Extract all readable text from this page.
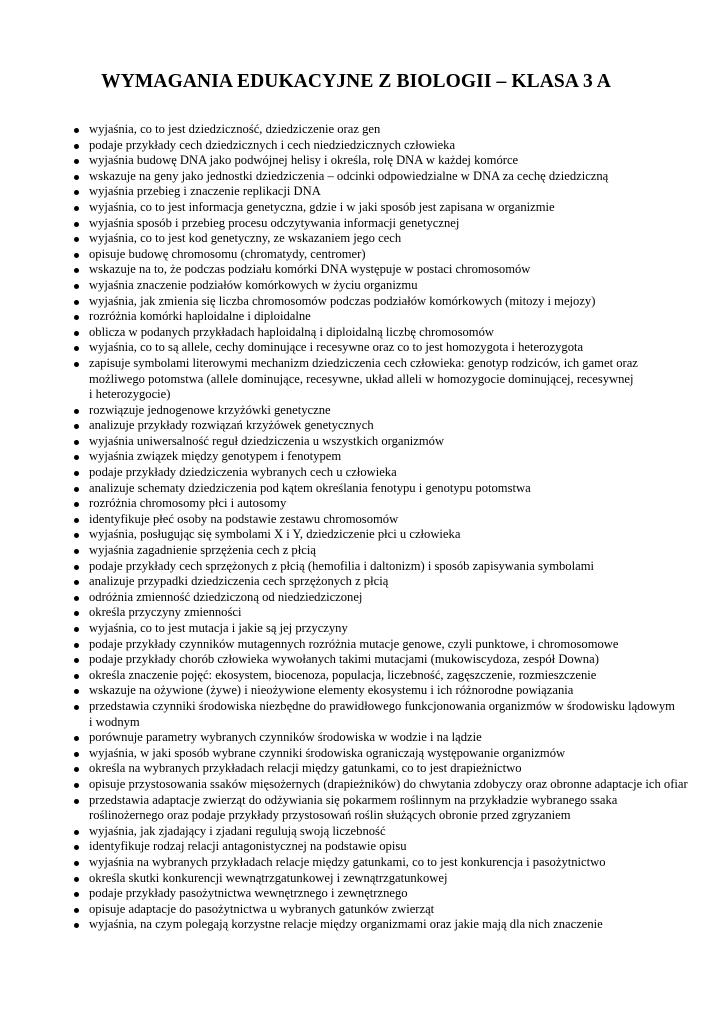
WYMAGANIA EDUKACYJNE Z BIOLOGII – KLASA 3 A
wyjaśnia, co to jest dziedziczność, dziedziczenie oraz gen
podaje przykłady cech dziedzicznych i cech niedziedzicznych człowieka
wyjaśnia budowę DNA jako podwójnej helisy i określa, rolę DNA w każdej komórce
wskazuje na geny jako jednostki dziedziczenia – odcinki odpowiedzialne w DNA za cechę dziedziczną
wyjaśnia przebieg i znaczenie replikacji DNA
wyjaśnia, co to jest informacja genetyczna, gdzie i w jaki sposób jest zapisana w organizmie
wyjaśnia sposób i przebieg procesu odczytywania informacji genetycznej
wyjaśnia, co to jest kod genetyczny, ze wskazaniem jego cech
opisuje budowę chromosomu (chromatydy, centromer)
wskazuje na to, że podczas podziału komórki DNA występuje w postaci chromosomów
wyjaśnia znaczenie podziałów komórkowych w życiu organizmu
wyjaśnia, jak zmienia się liczba chromosomów podczas podziałów komórkowych (mitozy i mejozy)
rozróżnia komórki haploidalne i diploidalne
oblicza w podanych przykładach haploidalną i diploidalną liczbę chromosomów
wyjaśnia, co to są allele, cechy dominujące i recesywne oraz co to jest homozygota i heterozygota
zapisuje symbolami literowymi mechanizm dziedziczenia cech człowieka: genotyp rodziców, ich gamet oraz
możliwego potomstwa (allele dominujące, recesywne, układ alleli w homozygocie dominującej, recesywnej
i heterozygocie)
rozwiązuje jednogenowe krzyżówki genetyczne
analizuje przykłady rozwiązań krzyżówek genetycznych
wyjaśnia uniwersalność reguł dziedziczenia u wszystkich organizmów
wyjaśnia związek między genotypem i fenotypem
podaje przykłady dziedziczenia wybranych cech u człowieka
analizuje schematy dziedziczenia pod kątem określania fenotypu i genotypu potomstwa
rozróżnia chromosomy płci i autosomy
identyfikuje płeć osoby na podstawie zestawu chromosomów
wyjaśnia, posługując się symbolami X i Y, dziedziczenie płci u człowieka
wyjaśnia zagadnienie sprzężenia cech z płcią
podaje przykłady cech sprzężonych z płcią (hemofilia i daltonizm) i sposób zapisywania symbolami
analizuje przypadki dziedziczenia cech sprzężonych z płcią
odróżnia zmienność dziedziczoną od niedziedziczonej
określa przyczyny zmienności
wyjaśnia, co to jest mutacja i jakie są jej przyczyny
podaje przykłady czynników mutagennych rozróżnia mutacje genowe, czyli punktowe, i chromosomowe
podaje przykłady chorób człowieka wywołanych takimi mutacjami (mukowiscydoza, zespół Downa)
określa znaczenie pojęć: ekosystem, biocenoza, populacja, liczebność, zagęszczenie, rozmieszczenie
wskazuje na ożywione (żywe) i nieożywione elementy ekosystemu i ich różnorodne powiązania
przedstawia czynniki środowiska niezbędne do prawidłowego funkcjonowania organizmów w środowisku lądowym
i wodnym
porównuje parametry wybranych czynników środowiska w wodzie i na lądzie
wyjaśnia, w jaki sposób wybrane czynniki środowiska ograniczają występowanie organizmów
określa na wybranych przykładach relacji między gatunkami, co to jest drapieżnictwo
opisuje przystosowania ssaków mięsożernych (drapieżników) do chwytania zdobyczy oraz obronne adaptacje ich ofiar
przedstawia adaptacje zwierząt do odżywiania się pokarmem roślinnym na przykładzie wybranego ssaka
roślinożernego oraz podaje przykłady przystosowań roślin służących obronie przed zgryzaniem
wyjaśnia, jak zjadający i zjadani regulują swoją liczebność
identyfikuje rodzaj relacji antagonistycznej na podstawie opisu
wyjaśnia na wybranych przykładach relacje między gatunkami, co to jest konkurencja i pasożytnictwo
określa skutki konkurencji wewnątrzgatunkowej i zewnątrzgatunkowej
podaje przykłady pasożytnictwa wewnętrznego i zewnętrznego
opisuje adaptacje do pasożytnictwa u wybranych gatunków zwierząt
wyjaśnia, na czym polegają korzystne relacje między organizmami oraz jakie mają dla nich znaczenie
